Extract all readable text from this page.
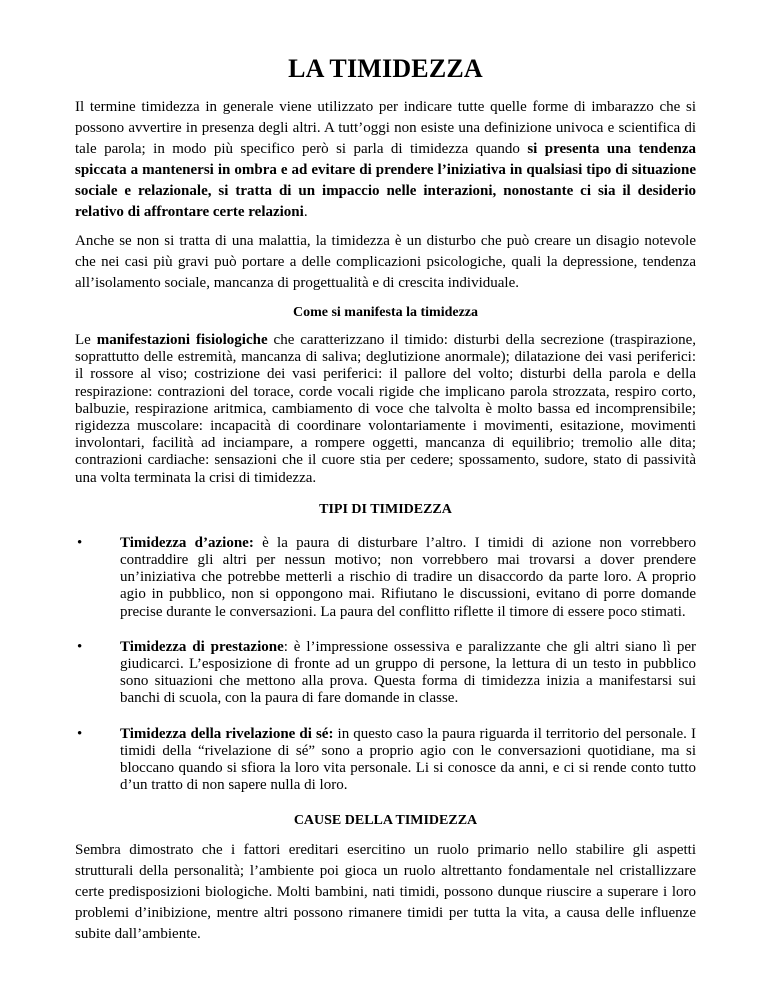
LA TIMIDEZZA

Il termine timidezza in generale viene utilizzato per indicare tutte quelle forme di imbarazzo che si possono avvertire in presenza degli altri. A tutt’oggi non esiste una definizione univoca e scientifica di tale parola; in modo più specifico però si parla di timidezza quando si presenta una tendenza spiccata a mantenersi in ombra e ad evitare di prendere l’iniziativa in qualsiasi tipo di situazione sociale e relazionale, si tratta di un impaccio nelle interazioni, nonostante ci sia il desiderio relativo di affrontare certe relazioni.

Anche se non si tratta di una malattia, la timidezza è un disturbo che può creare un disagio notevole che nei casi più gravi può portare a delle complicazioni psicologiche, quali la depressione, tendenza all’isolamento sociale, mancanza di progettualità e di crescita individuale.

Come si manifesta la timidezza

Le manifestazioni fisiologiche che caratterizzano il timido: disturbi della secrezione (traspirazione, soprattutto delle estremità, mancanza di saliva; deglutizione anormale); dilatazione dei vasi periferici: il rossore al viso; costrizione dei vasi periferici: il pallore del volto; disturbi della parola e della respirazione: contrazioni del torace, corde vocali rigide che implicano parola strozzata, respiro corto, balbuzie, respirazione aritmica, cambiamento di voce che talvolta è molto bassa ed incomprensibile; rigidezza muscolare: incapacità di coordinare volontariamente i movimenti, esitazione, movimenti involontari, facilità ad inciampare, a rompere oggetti, mancanza di equilibrio; tremolio alle dita; contrazioni cardiache: sensazioni che il cuore stia per cedere; spossamento, sudore, stato di passività una volta terminata la crisi di timidezza.

TIPI DI TIMIDEZZA

•	Timidezza d’azione: è la paura di disturbare l’altro. I timidi di azione non vorrebbero contraddire gli altri per nessun motivo; non vorrebbero mai trovarsi a dover prendere un’iniziativa che potrebbe metterli a rischio di tradire un disaccordo da parte loro. A proprio agio in pubblico, non si oppongono mai. Rifiutano le discussioni, evitano di porre domande precise durante le conversazioni. La paura del conflitto riflette il timore di essere poco stimati.
•	Timidezza di prestazione: è l’impressione ossessiva e paralizzante che gli altri siano lì per giudicarci. L’esposizione di fronte ad un gruppo di persone, la lettura di un testo in pubblico sono situazioni che mettono alla prova. Questa forma di timidezza inizia a manifestarsi sui banchi di scuola, con la paura di fare domande in classe.
•	Timidezza della rivelazione di sé: in questo caso la paura riguarda il territorio del personale. I timidi della “rivelazione di sé” sono a proprio agio con le conversazioni quotidiane, ma si bloccano quando si sfiora la loro vita personale. Li si conosce da anni, e ci si rende conto tutto d’un tratto di non sapere nulla di loro.

CAUSE DELLA TIMIDEZZA

Sembra dimostrato che i fattori ereditari esercitino un ruolo primario nello stabilire gli aspetti strutturali della personalità; l’ambiente poi gioca un ruolo altrettanto fondamentale nel cristallizzare certe predisposizioni biologiche. Molti bambini, nati timidi, possono dunque riuscire a superare i loro problemi d’inibizione, mentre altri possono rimanere timidi per tutta la vita, a causa delle influenze subite dall’ambiente.
